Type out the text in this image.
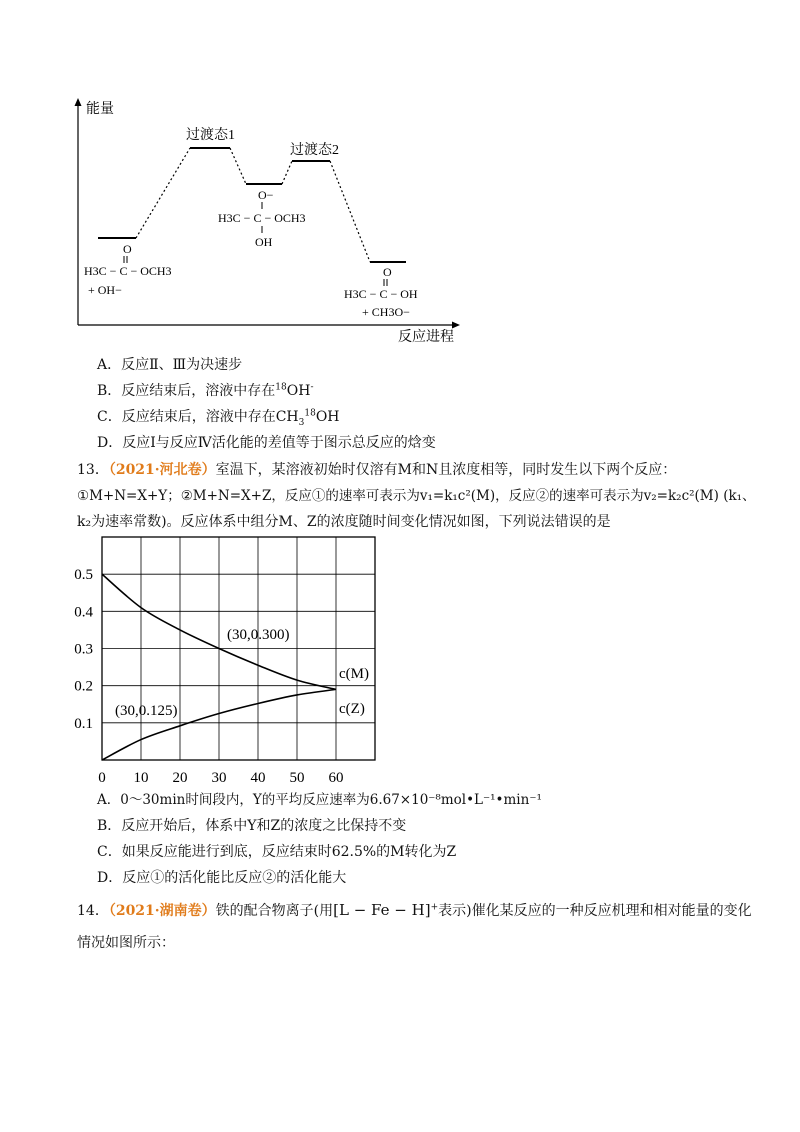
能量
反应进程
过渡态1
过渡态2
O
H3C − C − OCH3
+ OH−
O−
H3C − C − OCH3
OH
O
H3C − C − OH
+ CH3O−
A．反应Ⅱ、Ⅲ为决速步
B．反应结束后，溶液中存在$^{18}$OH-
C．反应结束后，溶液中存在$CH_3^{18}OH$
D．反应Ⅰ与反应Ⅳ活化能的差值等于图示总反应的焓变
13．（2021·河北卷）室温下，某溶液初始时仅溶有M和N且浓度相等，同时发生以下两个反应：
①M+N=X+Y；②M+N=X+Z，反应①的速率可表示为v₁=k₁c²(M)，反应②的速率可表示为v₂=k₂c²(M) (k₁、
k₂为速率常数)。反应体系中组分M、Z的浓度随时间变化情况如图，下列说法错误的是
0 10 20 30 40 50 60
0.1
0.2
0.3
0.4
0.5
(30,0.300)
(30,0.125)
c(M)
c(Z)
A．0～30min时间段内，Y的平均反应速率为6.67×10⁻⁸mol•L⁻¹•min⁻¹
B．反应开始后，体系中Y和Z的浓度之比保持不变
C．如果反应能进行到底，反应结束时62.5%的M转化为Z
D．反应①的活化能比反应②的活化能大
14．（2021·湖南卷）铁的配合物离子(用[L − Fe − H]+表示)催化某反应的一种反应机理和相对能量的变化
情况如图所示：
